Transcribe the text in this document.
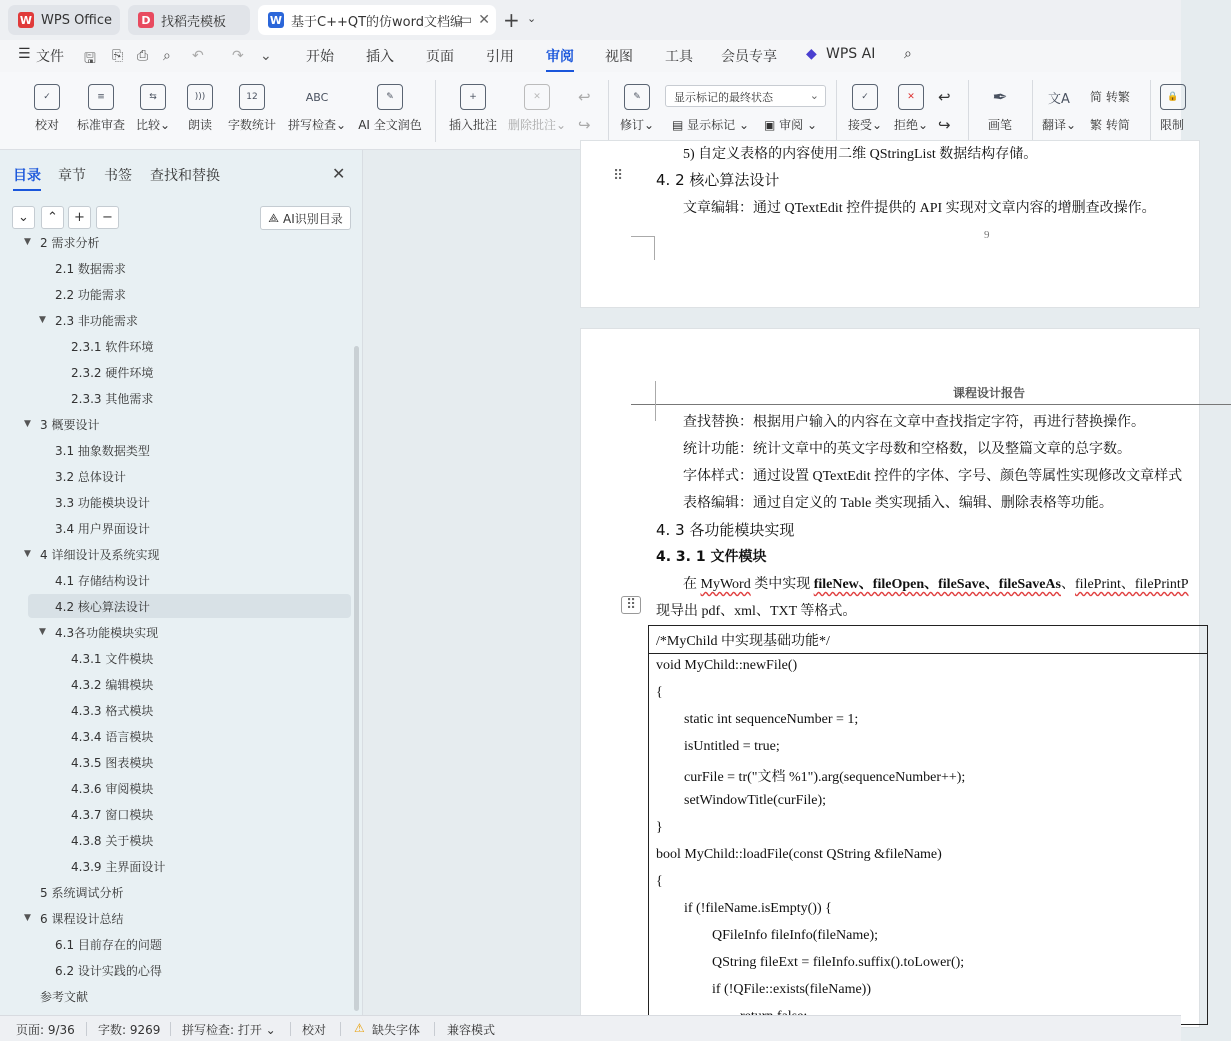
W WPS Office	D 找稻壳模板	W 基于C++QT的仿word文档编
▭ ✕ + ⌄
☰ 文件 🖫 ⎘ ⎙ ⌕ ↶ ↷ ⌄ 开始 插入 页面 引用 审阅 视图 工具 会员专享 ◆ WPS AI ⌕
✓
校对
≡
标准审查
⇆
比较⌄
)))
朗读
12
字数统计
ABC
拼写检查⌄
✎
AI 全文润色
+
插入批注
✕
删除批注⌄
↩
↪
✎
修订⌄
显示标记的最终状态	⌄
▤ 显示标记 ⌄ ▣ 审阅 ⌄
✓
接受⌄
✕
拒绝⌄
↩
↪
✒
画笔
文A
翻译⌄
简 转繁
繁 转简
🔒
限制
目录 章节 书签 查找和替换	✕
⌄ ⌃ + −	⟁ AI识别目录
▼ 2 需求分析
2.1 数据需求
2.2 功能需求
▼ 2.3 非功能需求
2.3.1 软件环境
2.3.2 硬件环境
2.3.3 其他需求
▼ 3 概要设计
3.1 抽象数据类型
3.2 总体设计
3.3 功能模块设计
3.4 用户界面设计
▼ 4 详细设计及系统实现
4.1 存储结构设计
4.2 核心算法设计
▼ 4.3各功能模块实现
4.3.1 文件模块
4.3.2 编辑模块
4.3.3 格式模块
4.3.4 语言模块
4.3.5 图表模块
4.3.6 审阅模块
4.3.7 窗口模块
4.3.8 关于模块
4.3.9 主界面设计
5 系统调试分析
▼ 6 课程设计总结
6.1 目前存在的问题
6.2 设计实践的心得
参考文献
5) 自定义表格的内容使用二维 QStringList 数据结构存储。
4. 2 核心算法设计
文章编辑：通过 QTextEdit 控件提供的 API 实现对文章内容的增删查改操作。
9
⠿
课程设计报告
查找替换：根据用户输入的内容在文章中查找指定字符，再进行替换操作。
统计功能：统计文章中的英文字母数和空格数，以及整篇文章的总字数。
字体样式：通过设置 QTextEdit 控件的字体、字号、颜色等属性实现修改文章样式
表格编辑：通过自定义的 Table 类实现插入、编辑、删除表格等功能。
4. 3 各功能模块实现
4. 3. 1 文件模块
在 MyWord 类中实现 fileNew、fileOpen、fileSave、fileSaveAs、filePrint、filePrintP
现导出 pdf、xml、TXT 等格式。
/*MyChild 中实现基础功能*/
void MyChild::newFile()
{
static int sequenceNumber = 1;
isUntitled = true;
curFile = tr("文档 %1").arg(sequenceNumber++);
setWindowTitle(curFile);
}
bool MyChild::loadFile(const QString &fileName)
{
if (!fileName.isEmpty()) {
QFileInfo fileInfo(fileName);
QString fileExt = fileInfo.suffix().toLower();
if (!QFile::exists(fileName))
⠿
页面: 9/36 字数: 9269 拼写检查: 打开 ⌄ 校对 ⚠ 缺失字体 兼容模式
